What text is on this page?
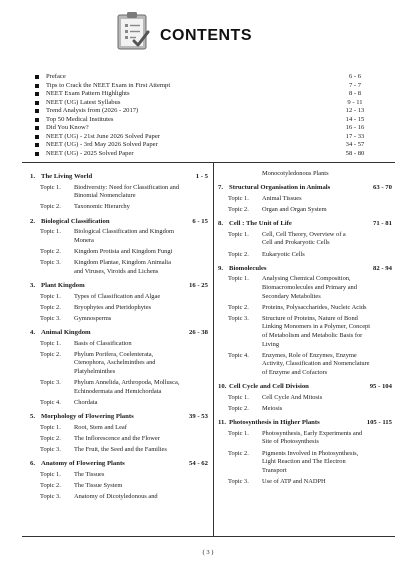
CONTENTS
Preface	6 - 6
Tips to Crack the NEET Exam in First Attempt	7 - 7
NEET Exam Pattern Highlights	8 - 8
NEET (UG) Latest Syllabus	9 - 11
Trend Analysis from (2026 - 2017)	12 - 13
Top 50 Medical Institutes	14 - 15
Did You Know?	16 - 16
NEET (UG) - 21st June 2026 Solved Paper	17 - 33
NEET (UG) - 3rd May 2026 Solved Paper	34 - 57
NEET (UG) - 2025 Solved Paper	58 - 80
1. The Living World	1 - 5
Topic 1.	Biodiversity: Need for Classification and
Binomial Nomenclature
Topic 2.	Taxonomic Hierarchy
2. Biological Classification	6 - 15
Topic 1.	Biological Classification and Kingdom
Monera
Topic 2.	Kingdom Protista and Kingdom Fungi
Topic 3.	Kingdom Plantae, Kingdom Animalia
and Viruses, Viroids and Lichens
3. Plant Kingdom	16 - 25
Topic 1.	Types of Classification and Algae
Topic 2.	Bryophytes and Pteridophytes
Topic 3.	Gymnosperms
4. Animal Kingdom	26 - 38
Topic 1.	Basis of Classification
Topic 2.	Phylum Porifera, Coelenterata,
Ctenophora, Aschelminthes and
Platyhelminthes
Topic 3.	Phylum Annelida, Arthropoda, Mollusca,
Echinodermata and Hemichordata
Topic 4.	Chordata
5. Morphology of Flowering Plants	39 - 53
Topic 1.	Root, Stem and Leaf
Topic 2.	The Inflorescence and the Flower
Topic 3.	The Fruit, the Seed and the Families
6. Anatomy of Flowering Plants	54 - 62
Topic 1.	The Tissues
Topic 2.	The Tissue System
Topic 3.	Anatomy of Dicotyledonous and
Monocotyledonous Plants
7. Structural Organisation in Animals	63 - 70
Topic 1.	Animal Tissues
Topic 2.	Organ and Organ System
8. Cell : The Unit of Life	71 - 81
Topic 1.	Cell, Cell Theory, Overview of a
Cell and Prokaryotic Cells
Topic 2.	Eukaryotic Cells
9. Biomolecules	82 - 94
Topic 1.	Analysing Chemical Composition,
Biomacromolecules and Primary and
Secondary Metabolites
Topic 2.	Proteins, Polysaccharides, Nucleic Acids
Topic 3.	Structure of Proteins, Nature of Bond
Linking Monomers in a Polymer, Concept
of Metabolism and Metabolic Basis for
Living
Topic 4.	Enzymes, Role of Enzymes, Enzyme
Activity, Classification and Nomenclature
of Enzyme and Cofactors
10. Cell Cycle and Cell Division	95 - 104
Topic 1.	Cell Cycle And Mitosis
Topic 2.	Meiosis
11. Photosynthesis in Higher Plants	105 - 115
Topic 1.	Photosynthesis, Early Experiments and
Site of Photosynthesis
Topic 2.	Pigments Involved in Photosynthesis,
Light Reaction and The Electron
Transport
Topic 3.	Use of ATP and NADPH
( 3 )
